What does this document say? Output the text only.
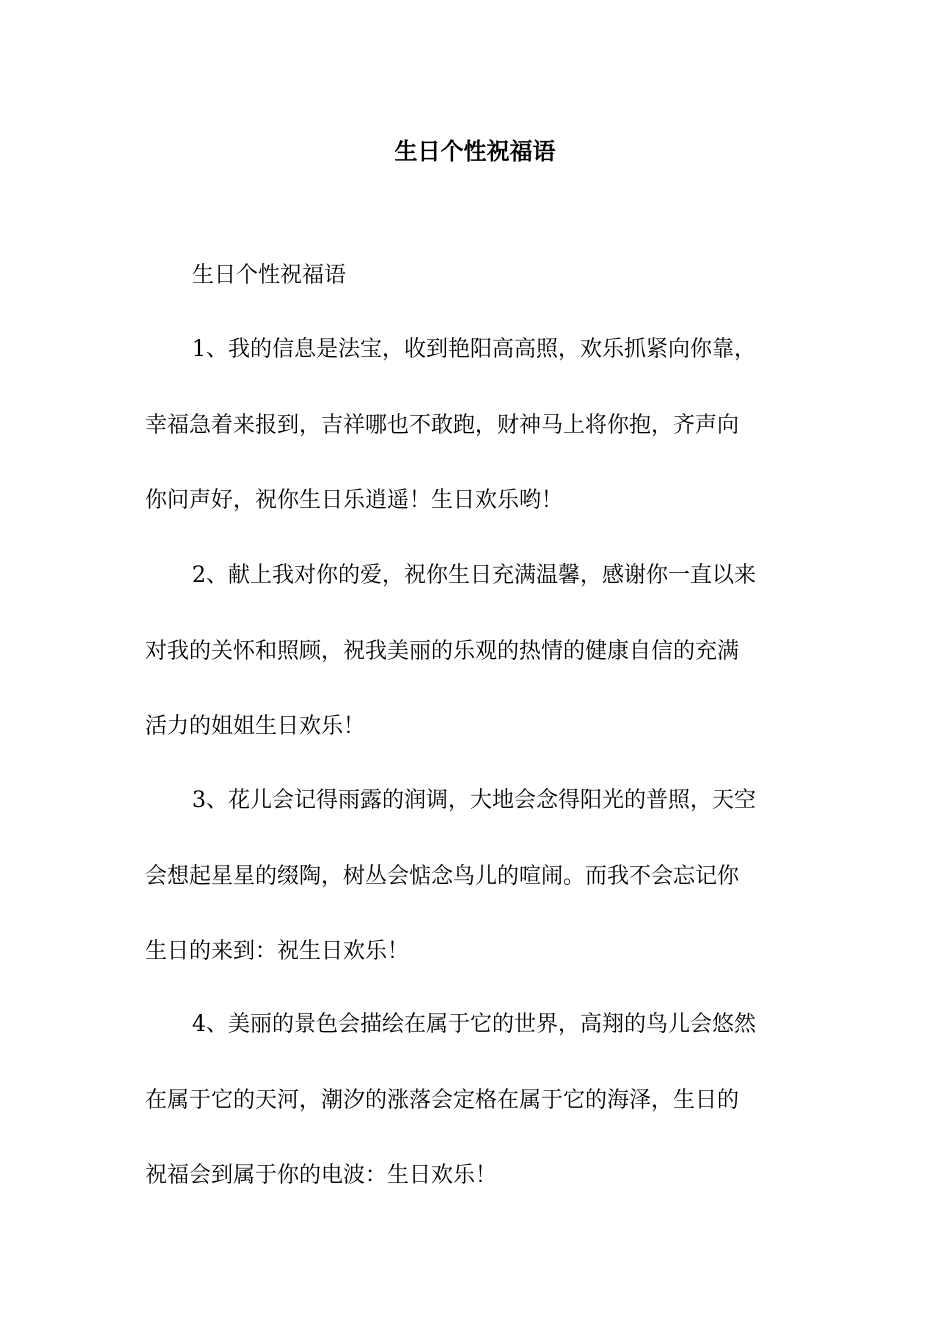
生日个性祝福语

生日个性祝福语

1、我的信息是法宝，收到艳阳高高照，欢乐抓紧向你靠，
幸福急着来报到，吉祥哪也不敢跑，财神马上将你抱，齐声向
你问声好，祝你生日乐逍遥！生日欢乐哟！
2、献上我对你的爱，祝你生日充满温馨，感谢你一直以来
对我的关怀和照顾，祝我美丽的乐观的热情的健康自信的充满
活力的姐姐生日欢乐！
3、花儿会记得雨露的润调，大地会念得阳光的普照，天空
会想起星星的缀陶，树丛会惦念鸟儿的喧闹。而我不会忘记你
生日的来到：祝生日欢乐！
4、美丽的景色会描绘在属于它的世界，高翔的鸟儿会悠然
在属于它的天河，潮汐的涨落会定格在属于它的海泽，生日的
祝福会到属于你的电波：生日欢乐！
